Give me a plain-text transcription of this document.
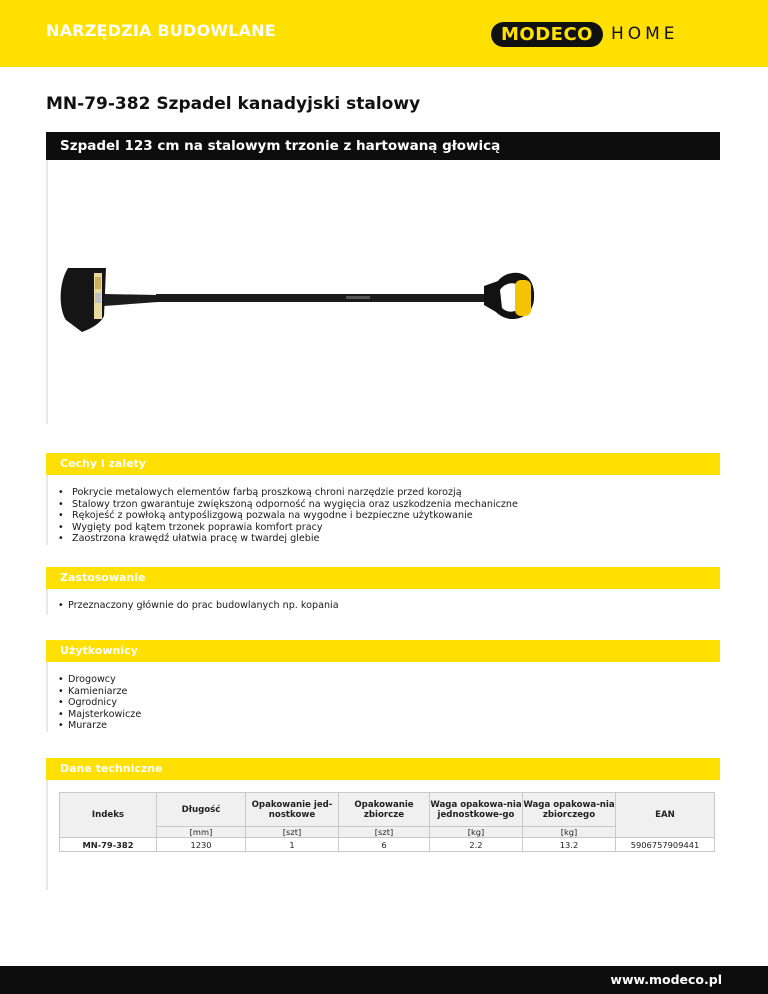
NARZĘDZIA BUDOWLANE	MODECO	HOME
MN-79-382 Szpadel kanadyjski stalowy
Szpadel 123 cm na stalowym trzonie z hartowaną głowicą
Cechy i zalety
• Pokrycie metalowych elementów farbą proszkową chroni narzędzie przed korozją
• Stalowy trzon gwarantuje zwiększoną odporność na wygięcia oraz uszkodzenia mechaniczne
• Rękojeść z powłoką antypoślizgową pozwala na wygodne i bezpieczne użytkowanie
• Wygięty pod kątem trzonek poprawia komfort pracy
• Zaostrzona krawędź ułatwia pracę w twardej glebie
Zastosowanie
• Przeznaczony głównie do prac budowlanych np. kopania
Użytkownicy
• Drogowcy
• Kamieniarze
• Ogrodnicy
• Majsterkowicze
• Murarze
Dane techniczne
Indeks	Długość	Opakowanie jed-nostkowe	Opakowanie zbiorcze	Waga opakowa-nia jednostkowe-go	Waga opakowa-nia zbiorczego	EAN
	[mm]	[szt]	[szt]	[kg]	[kg]	
MN-79-382	1230	1	6	2.2	13.2	5906757909441
www.modeco.pl
